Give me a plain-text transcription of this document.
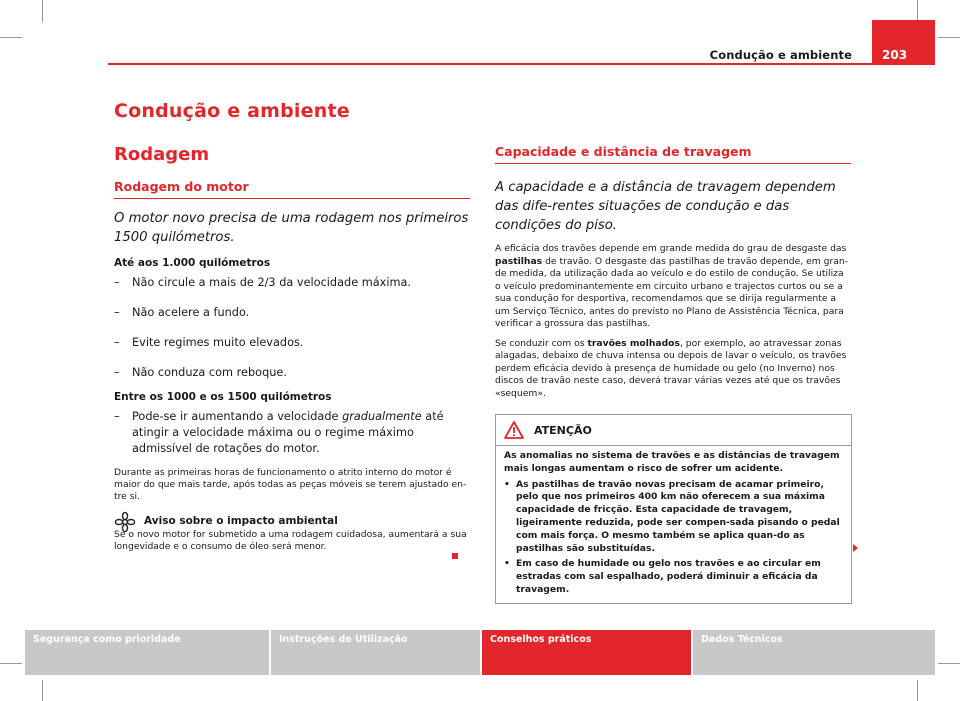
Condução e ambiente	203
Condução e ambiente
Rodagem
Rodagem do motor
O motor novo precisa de uma rodagem nos primeiros 1500 quilómetros.
Até aos 1.000 quilómetros
– Não circule a mais de 2/3 da velocidade máxima.
– Não acelere a fundo.
– Evite regimes muito elevados.
– Não conduza com reboque.
Entre os 1000 e os 1500 quilómetros
– Pode-se ir aumentando a velocidade gradualmente até atingir a velocidade máxima ou o regime máximo admissível de rotações do motor.
Durante as primeiras horas de funcionamento o atrito interno do motor é maior do que mais tarde, após todas as peças móveis se terem ajustado en-tre si.
Aviso sobre o impacto ambiental
Se o novo motor for submetido a uma rodagem cuidadosa, aumentará a sua longevidade e o consumo de óleo será menor.
Capacidade e distância de travagem
A capacidade e a distância de travagem dependem das dife-rentes situações de condução e das condições do piso.
A eficácia dos travões depende em grande medida do grau de desgaste das pastilhas de travão. O desgaste das pastilhas de travão depende, em gran-de medida, da utilização dada ao veículo e do estilo de condução. Se utiliza o veículo predominantemente em circuito urbano e trajectos curtos ou se a sua condução for desportiva, recomendamos que se dirija regularmente a um Serviço Técnico, antes do previsto no Plano de Assistência Técnica, para verificar a grossura das pastilhas.
Se conduzir com os travões molhados, por exemplo, ao atravessar zonas alagadas, debaixo de chuva intensa ou depois de lavar o veículo, os travões perdem eficácia devido à presença de humidade ou gelo (no Inverno) nos discos de travão neste caso, deverá travar várias vezes até que os travões «sequem».
ATENÇÃO
As anomalias no sistema de travões e as distâncias de travagem mais longas aumentam o risco de sofrer um acidente.
• As pastilhas de travão novas precisam de acamar primeiro, pelo que nos primeiros 400 km não oferecem a sua máxima capacidade de fricção. Esta capacidade de travagem, ligeiramente reduzida, pode ser compen-sada pisando o pedal com mais força. O mesmo também se aplica quan-do as pastilhas são substituídas.
• Em caso de humidade ou gelo nos travões e ao circular em estradas com sal espalhado, poderá diminuir a eficácia da travagem.
Segurança como prioridade	Instruções de Utilização	Conselhos práticos	Dados Técnicos
